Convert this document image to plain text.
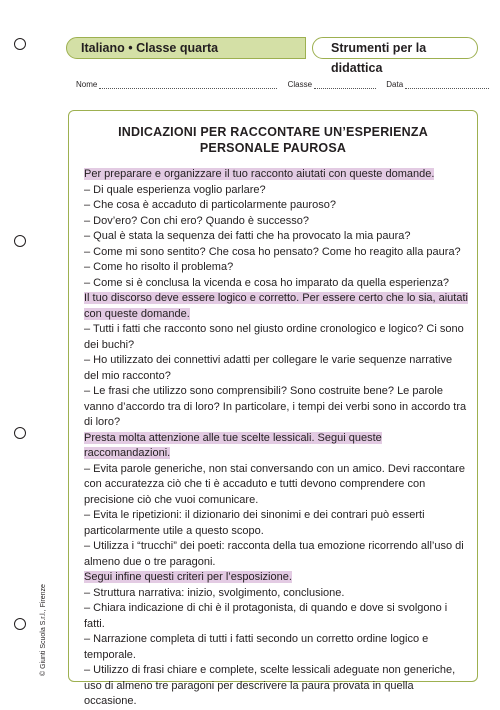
Italiano • Classe quarta	Strumenti per la didattica
Nome	Classe	Data
INDICAZIONI PER RACCONTARE UN’ESPERIENZA
PERSONALE PAUROSA

Per preparare e organizzare il tuo racconto aiutati con queste domande.

– Di quale esperienza voglio parlare?

– Che cosa è accaduto di particolarmente pauroso?

– Dov’ero? Con chi ero? Quando è successo?

– Qual è stata la sequenza dei fatti che ha provocato la mia paura?

– Come mi sono sentito? Che cosa ho pensato? Come ho reagito alla paura?

– Come ho risolto il problema?

– Come si è conclusa la vicenda e cosa ho imparato da quella esperienza?

Il tuo discorso deve essere logico e corretto. Per essere certo che lo sia, aiutati con queste domande.

– Tutti i fatti che racconto sono nel giusto ordine cronologico e logico? Ci sono dei buchi?

– Ho utilizzato dei connettivi adatti per collegare le varie sequenze narrative del mio racconto?

– Le frasi che utilizzo sono comprensibili? Sono costruite bene? Le parole vanno d’accordo tra di loro? In particolare, i tempi dei verbi sono in accordo tra di loro?

Presta molta attenzione alle tue scelte lessicali. Segui queste raccomandazioni.

– Evita parole generiche, non stai conversando con un amico. Devi raccontare con accuratezza ciò che ti è accaduto e tutti devono comprendere con precisione ciò che vuoi comunicare.

– Evita le ripetizioni: il dizionario dei sinonimi e dei contrari può esserti particolarmente utile a questo scopo.

– Utilizza i “trucchi” dei poeti: racconta della tua emozione ricorrendo all’uso di almeno due o tre paragoni.

Segui infine questi criteri per l’esposizione.

– Struttura narrativa: inizio, svolgimento, conclusione.

– Chiara indicazione di chi è il protagonista, di quando e dove si svolgono i fatti.

– Narrazione completa di tutti i fatti secondo un corretto ordine logico e temporale.

– Utilizzo di frasi chiare e complete, scelte lessicali adeguate non generiche, uso di almeno tre paragoni per descrivere la paura provata in quella occasione.

© Giunti Scuola S.r.l., Firenze
